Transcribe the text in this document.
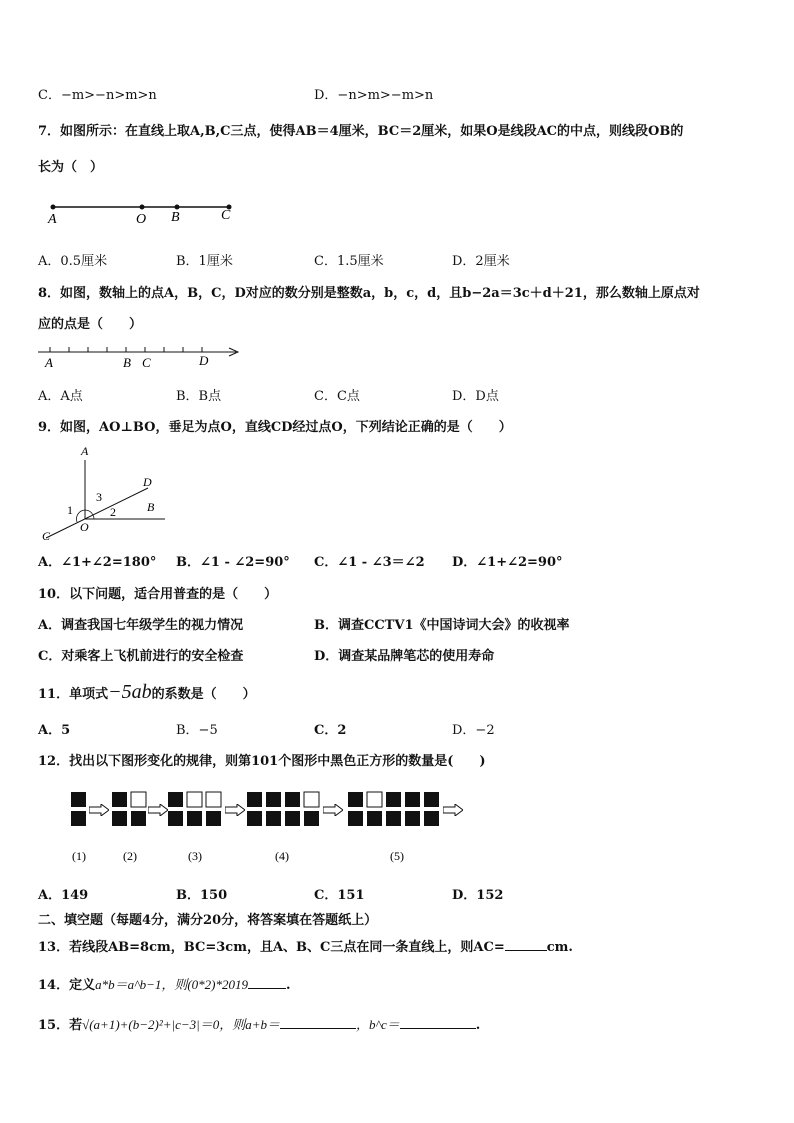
C．−m>−n>m>n	D．−n>m>−m>n
7．如图所示：在直线上取A,B,C三点，使得AB＝4厘米，BC＝2厘米，如果O是线段AC的中点，则线段OB的
长为（　）
A	O B	C
A．0.5厘米	B．1厘米	C．1.5厘米	D．2厘米
8．如图，数轴上的点A，B，C，D对应的数分别是整数a，b，c，d，且b−2a＝3c＋d＋21，那么数轴上原点对
应的点是（　　）
A	B C	D
A．A点	B．B点	C．C点	D．D点
9．如图，AO⊥BO，垂足为点O，直线CD经过点O，下列结论正确的是（　　）
A
D
B
C
O
1	2
3
A．∠1+∠2=180° B．∠1 - ∠2=90° C．∠1 - ∠3＝∠2 D．∠1+∠2=90°
10．以下问题，适合用普查的是（　　）
A．调查我国七年级学生的视力情况	B．调查CCTV1《中国诗词大会》的收视率
C．对乘客上飞机前进行的安全检查	D．调查某品牌笔芯的使用寿命
11．单项式−5ab的系数是（　　）
A．5	B．−5	C．2	D．−2
12．找出以下图形变化的规律，则第101个图形中黑色正方形的数量是(　　)
(1)	(2)	(3)	(4)	(5)
A．149	B．150	C．151	D．152
二、填空题（每题4分，满分20分，将答案填在答题纸上）
13．若线段AB=8cm，BC=3cm，且A、B、C三点在同一条直线上，则AC=	cm.
14．定义a*b＝a^b−1，则(0*2)*2019	.
15．若√(a+1)+(b−2)²+|c−3|＝0，则a+b＝	，b^c＝	.
